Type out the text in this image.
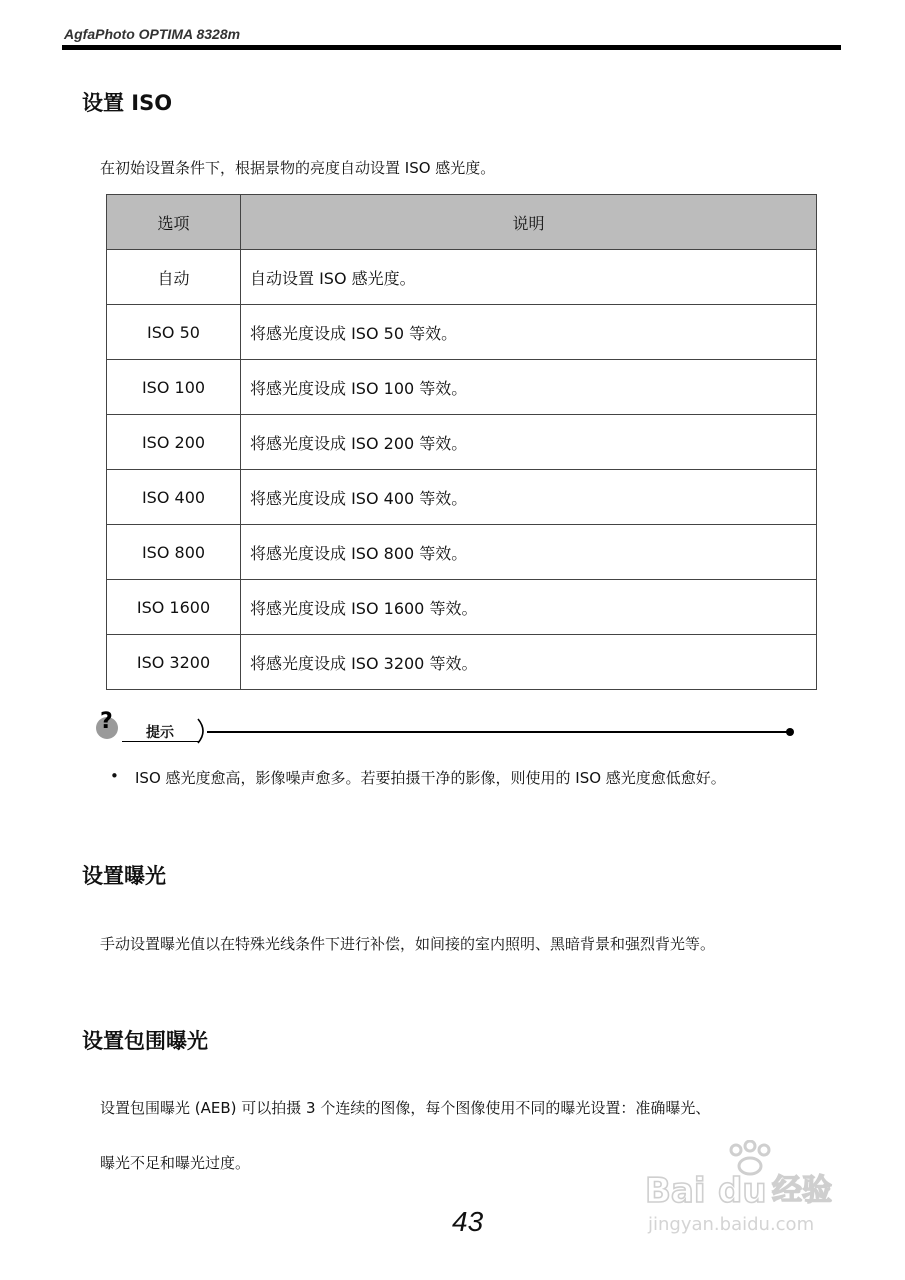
AgfaPhoto OPTIMA 8328m
设置 ISO
在初始设置条件下，根据景物的亮度自动设置 ISO 感光度。
选项	说明
自动	自动设置 ISO 感光度。
ISO 50	将感光度设成 ISO 50 等效。
ISO 100	将感光度设成 ISO 100 等效。
ISO 200	将感光度设成 ISO 200 等效。
ISO 400	将感光度设成 ISO 400 等效。
ISO 800	将感光度设成 ISO 800 等效。
ISO 1600	将感光度设成 ISO 1600 等效。
ISO 3200	将感光度设成 ISO 3200 等效。
? 提示
• ISO 感光度愈高，影像噪声愈多。若要拍摄干净的影像，则使用的 ISO 感光度愈低愈好。
设置曝光
手动设置曝光值以在特殊光线条件下进行补偿，如间接的室内照明、黑暗背景和强烈背光等。
设置包围曝光
设置包围曝光 (AEB) 可以拍摄 3 个连续的图像，每个图像使用不同的曝光设置：准确曝光、
曝光不足和曝光过度。
43
Bai du 经验
jingyan.baidu.com
